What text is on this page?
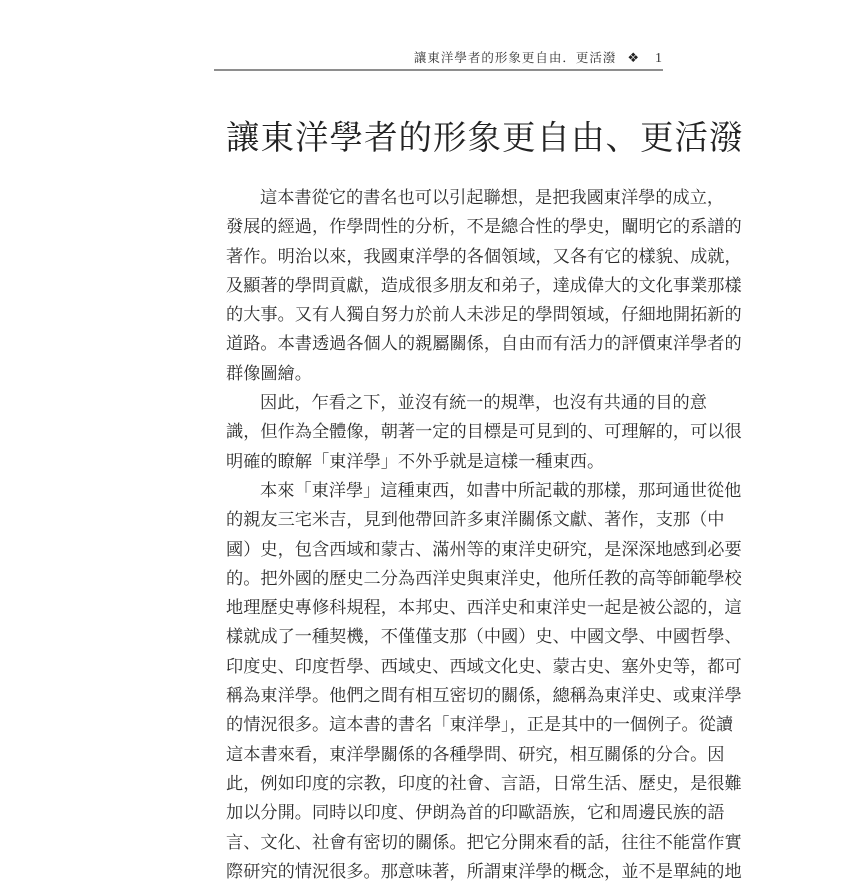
讓東洋學者的形象更自由．更活潑 ❖ 1
讓東洋學者的形象更自由、更活潑

這本書從它的書名也可以引起聯想，是把我國東洋學的成立，
發展的經過，作學問性的分析，不是總合性的學史，闡明它的系譜的
著作。明治以來，我國東洋學的各個領域，又各有它的樣貌、成就，
及顯著的學問貢獻，造成很多朋友和弟子，達成偉大的文化事業那樣
的大事。又有人獨自努力於前人未涉足的學問領域，仔細地開拓新的
道路。本書透過各個人的親屬關係，自由而有活力的評價東洋學者的
群像圖繪。

因此，乍看之下，並沒有統一的規準，也沒有共通的目的意
識，但作為全體像，朝著一定的目標是可見到的、可理解的，可以很
明確的瞭解「東洋學」不外乎就是這樣一種東西。

本來「東洋學」這種東西，如書中所記載的那樣，那珂通世從他
的親友三宅米吉，見到他帶回許多東洋關係文獻、著作，支那（中
國）史，包含西域和蒙古、滿州等的東洋史研究，是深深地感到必要
的。把外國的歷史二分為西洋史與東洋史，他所任教的高等師範學校
地理歷史專修科規程，本邦史、西洋史和東洋史一起是被公認的，這
樣就成了一種契機，不僅僅支那（中國）史、中國文學、中國哲學、
印度史、印度哲學、西域史、西域文化史、蒙古史、塞外史等，都可
稱為東洋學。他們之間有相互密切的關係，總稱為東洋史、或東洋學
的情況很多。這本書的書名「東洋學」，正是其中的一個例子。從讀
這本書來看，東洋學關係的各種學問、研究，相互關係的分合。因
此，例如印度的宗教，印度的社會、言語，日常生活、歷史，是很難
加以分開。同時以印度、伊朗為首的印歐語族，它和周邊民族的語
言、文化、社會有密切的關係。把它分開來看的話，往往不能當作實
際研究的情況很多。那意味著，所謂東洋學的概念，並不是單純的地
